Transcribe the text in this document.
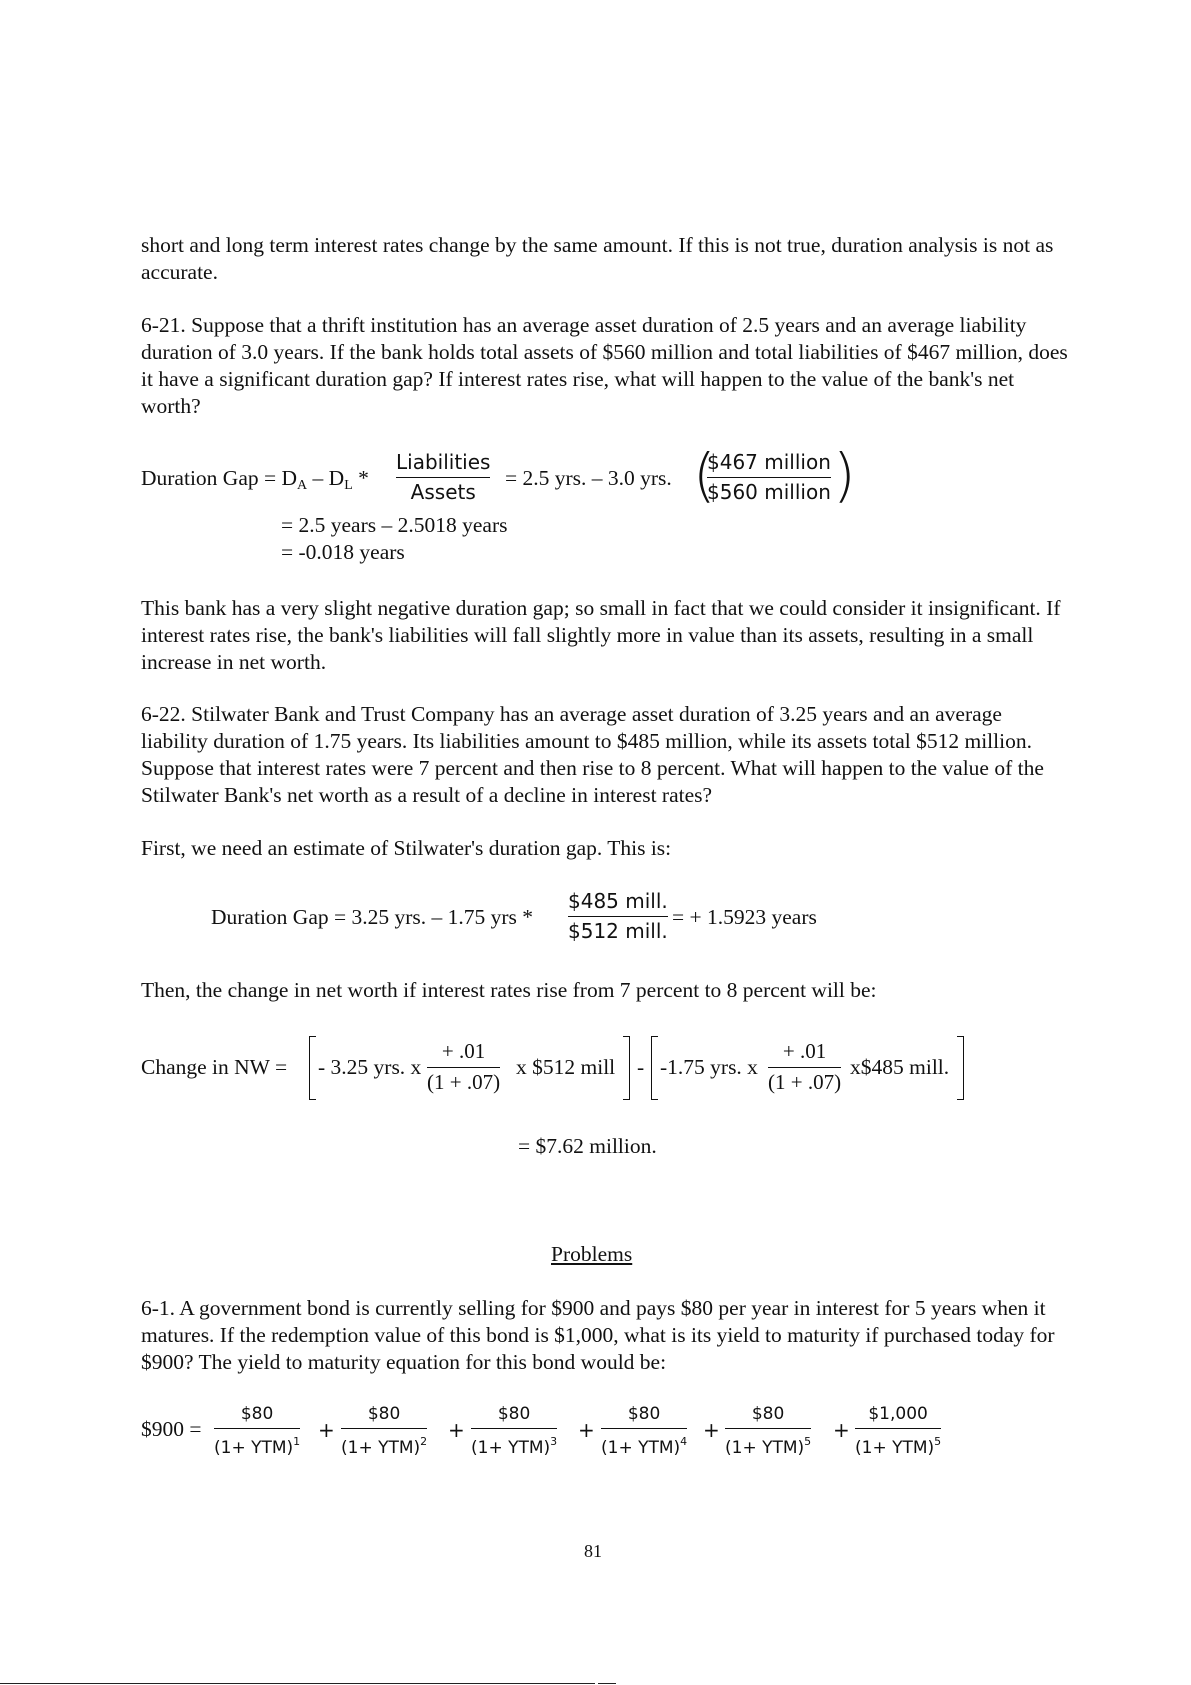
short and long term interest rates change by the same amount. If this is not true, duration analysis is not as accurate.

6-21. Suppose that a thrift institution has an average asset duration of 2.5 years and an average liability duration of 3.0 years. If the bank holds total assets of $560 million and total liabilities of $467 million, does it have a significant duration gap? If interest rates rise, what will happen to the value of the bank's net worth?

Duration Gap = $D_A - D_L$ *
Liabilities
Assets
= 2.5 yrs. – 3.0 yrs. (
$467 million
$560 million )
= 2.5 years – 2.5018 years
= -0.018 years

This bank has a very slight negative duration gap; so small in fact that we could consider it insignificant. If interest rates rise, the bank's liabilities will fall slightly more in value than its assets, resulting in a small increase in net worth.

6-22. Stilwater Bank and Trust Company has an average asset duration of 3.25 years and an average liability duration of 1.75 years. Its liabilities amount to $485 million, while its assets total $512 million. Suppose that interest rates were 7 percent and then rise to 8 percent. What will happen to the value of the Stilwater Bank's net worth as a result of a decline in interest rates?

First, we need an estimate of Stilwater's duration gap. This is:

Duration Gap = 3.25 yrs. – 1.75 yrs *
$485 mill.
$512 mill.
= + 1.5923 years

Then, the change in net worth if interest rates rise from 7 percent to 8 percent will be:

Change in NW = - 3.25 yrs. x
+ .01
(1 + .07)
x $512 mill - -1.75 yrs. x
+ .01
(1 + .07)
x$485 mill.
= $7.62 million.
Problems

6-1. A government bond is currently selling for $900 and pays $80 per year in interest for 5 years when it matures. If the redemption value of this bond is $1,000, what is its yield to maturity if purchased today for $900? The yield to maturity equation for this bond would be:

$900 =
$80
(1+ YTM)$^1$ +
$80
(1+ YTM)$^2$ +
$80
(1+ YTM)$^3$ +
$80
(1+ YTM)$^4$ +
$80
(1+ YTM)$^5$ +
$1,000
(1+ YTM)$^5$
81
